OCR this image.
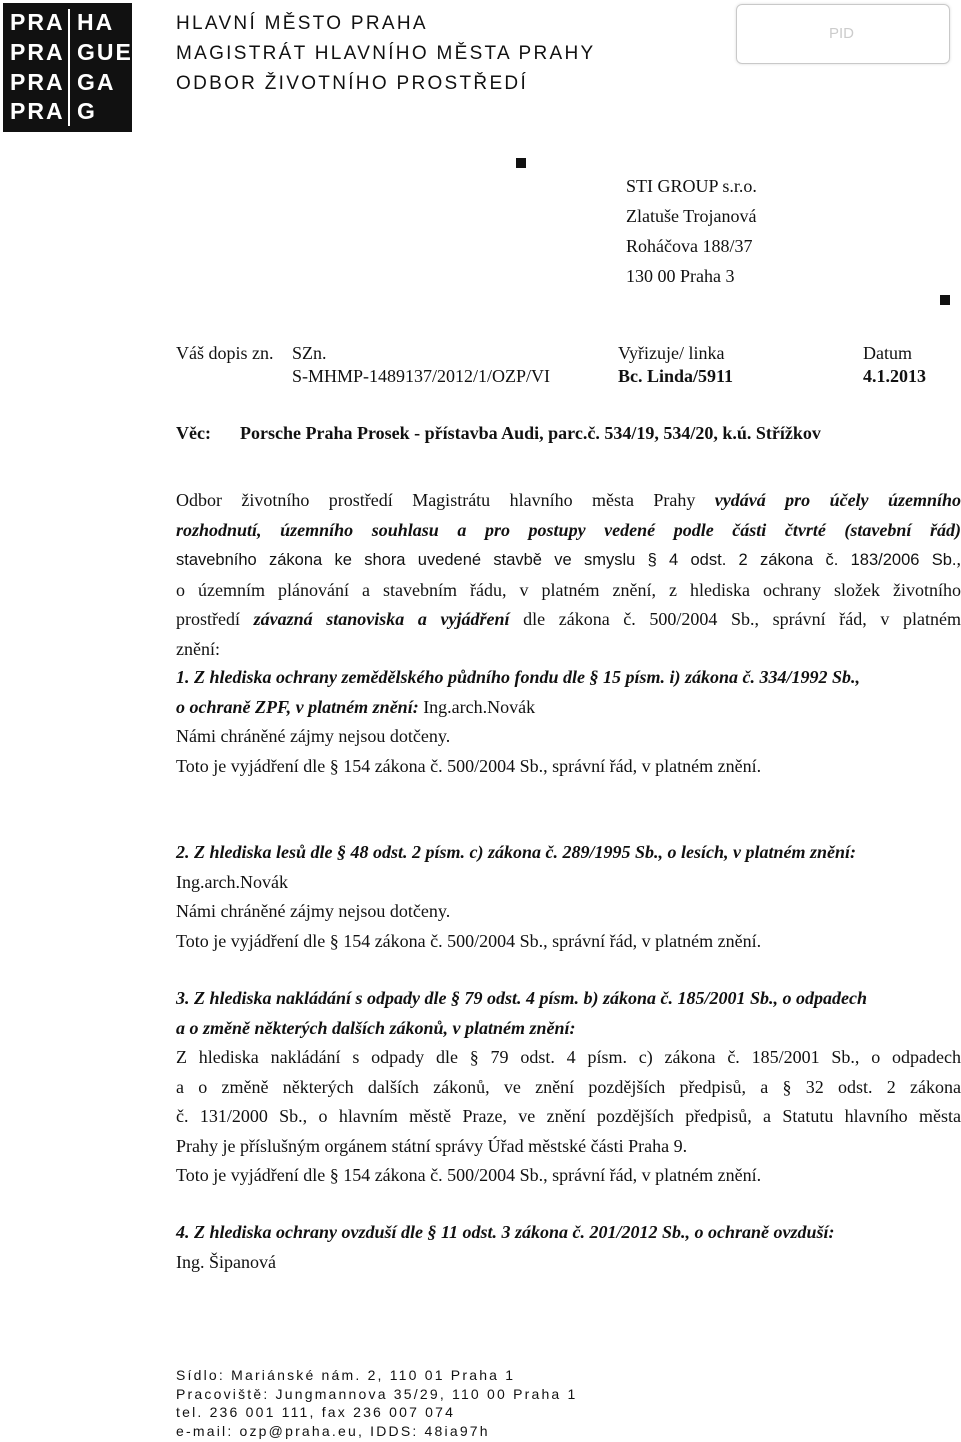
PRA HA
PRA GUE
PRA GA
PRA G
HLAVNÍ MĚSTO PRAHA
MAGISTRÁT HLAVNÍHO MĚSTA PRAHY
ODBOR ŽIVOTNÍHO PROSTŘEDÍ
PID
STI GROUP s.r.o.
Zlatuše Trojanová
Roháčova 188/37
130 00 Praha 3
Váš dopis zn. SZn.
S-MHMP-1489137/2012/1/OZP/VI
Vyřizuje/ linka
Bc. Linda/5911
Datum
4.1.2013
Věc: Porsche Praha Prosek - přístavba Audi, parc.č. 534/19, 534/20, k.ú. Střížkov
Odbor životního prostředí Magistrátu hlavního města Prahy vydává pro účely územního
rozhodnutí, územního souhlasu a pro postupy vedené podle části čtvrté (stavební řád)
stavebního zákona ke shora uvedené stavbě ve smyslu § 4 odst. 2 zákona č. 183/2006 Sb.,
o územním plánování a stavebním řádu, v platném znění, z hlediska ochrany složek životního
prostředí závazná stanoviska a vyjádření dle zákona č. 500/2004 Sb., správní řád, v platném
znění:
1. Z hlediska ochrany zemědělského půdního fondu dle § 15 písm. i) zákona č. 334/1992 Sb.,
o ochraně ZPF, v platném znění: Ing.arch.Novák
Námi chráněné zájmy nejsou dotčeny.
Toto je vyjádření dle § 154 zákona č. 500/2004 Sb., správní řád, v platném znění.
2. Z hlediska lesů dle § 48 odst. 2 písm. c) zákona č. 289/1995 Sb., o lesích, v platném znění:
Ing.arch.Novák
Námi chráněné zájmy nejsou dotčeny.
Toto je vyjádření dle § 154 zákona č. 500/2004 Sb., správní řád, v platném znění.
3. Z hlediska nakládání s odpady dle § 79 odst. 4 písm. b) zákona č. 185/2001 Sb., o odpadech
a o změně některých dalších zákonů, v platném znění:
Z hlediska nakládání s odpady dle § 79 odst. 4 písm. c) zákona č. 185/2001 Sb., o odpadech
a o změně některých dalších zákonů, ve znění pozdějších předpisů, a § 32 odst. 2 zákona
č. 131/2000 Sb., o hlavním městě Praze, ve znění pozdějších předpisů, a Statutu hlavního města
Prahy je příslušným orgánem státní správy Úřad městské části Praha 9.
Toto je vyjádření dle § 154 zákona č. 500/2004 Sb., správní řád, v platném znění.
4. Z hlediska ochrany ovzduší dle § 11 odst. 3 zákona č. 201/2012 Sb., o ochraně ovzduší:
Ing. Šipanová
Sídlo: Mariánské nám. 2, 110 01 Praha 1
Pracoviště: Jungmannova 35/29, 110 00 Praha 1
tel. 236 001 111, fax 236 007 074
e-mail: ozp@praha.eu, IDDS: 48ia97h
